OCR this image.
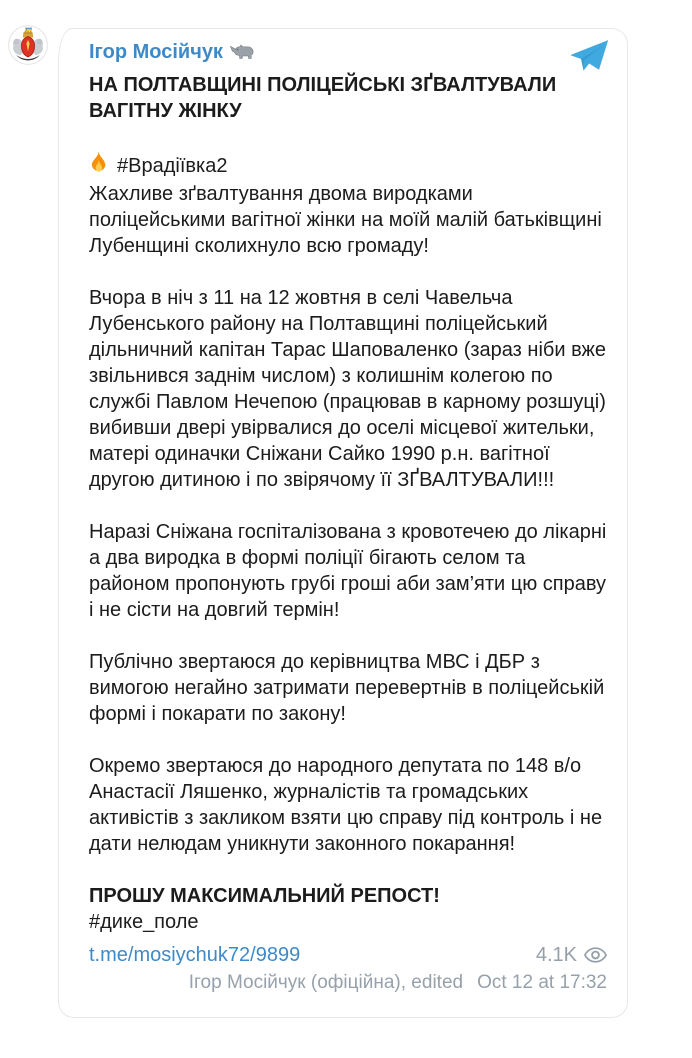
Ігор Мосійчук

НА ПОЛТАВЩИНІ ПОЛІЦЕЙСЬКІ ЗҐВАЛТУВАЛИ ВАГІТНУ ЖІНКУ

#Врадіївка2

Жахливе зґвалтування двома виродками поліцейськими вагітної жінки на моїй малій батьківщині Лубенщині сколихнуло всю громаду!

Вчора в ніч з 11 на 12 жовтня в селі Чавельча Лубенського району на Полтавщині поліцейський дільничний капітан Тарас Шаповаленко (зараз ніби вже звільнився заднім числом) з колишнім колегою по службі Павлом Нечепою (працював в карному розшуці) вибивши двері увірвалися до оселі місцевої жительки, матері одиначки Сніжани Сайко 1990 р.н. вагітної другою дитиною і по звірячому її ЗҐВАЛТУВАЛИ!!!

Наразі Сніжана госпіталізована з кровотечею до лікарні а два виродка в формі поліції бігають селом та районом пропонують грубі гроші аби зам’яти цю справу і не сісти на довгий термін!

Публічно звертаюся до керівництва МВС і ДБР з вимогою негайно затримати перевертнів в поліцейській формі і покарати по закону!

Окремо звертаюся до народного депутата по 148 в/о Анастасії Ляшенко, журналістів та громадських активістів з закликом взяти цю справу під контроль і не дати нелюдам уникнути законного покарання!

ПРОШУ МАКСИМАЛЬНИЙ РЕПОСТ!

#дике_поле

t.me/mosiychuk72/9899	4.1K
Ігор Мосійчук (офіційна), edited Oct 12 at 17:32
